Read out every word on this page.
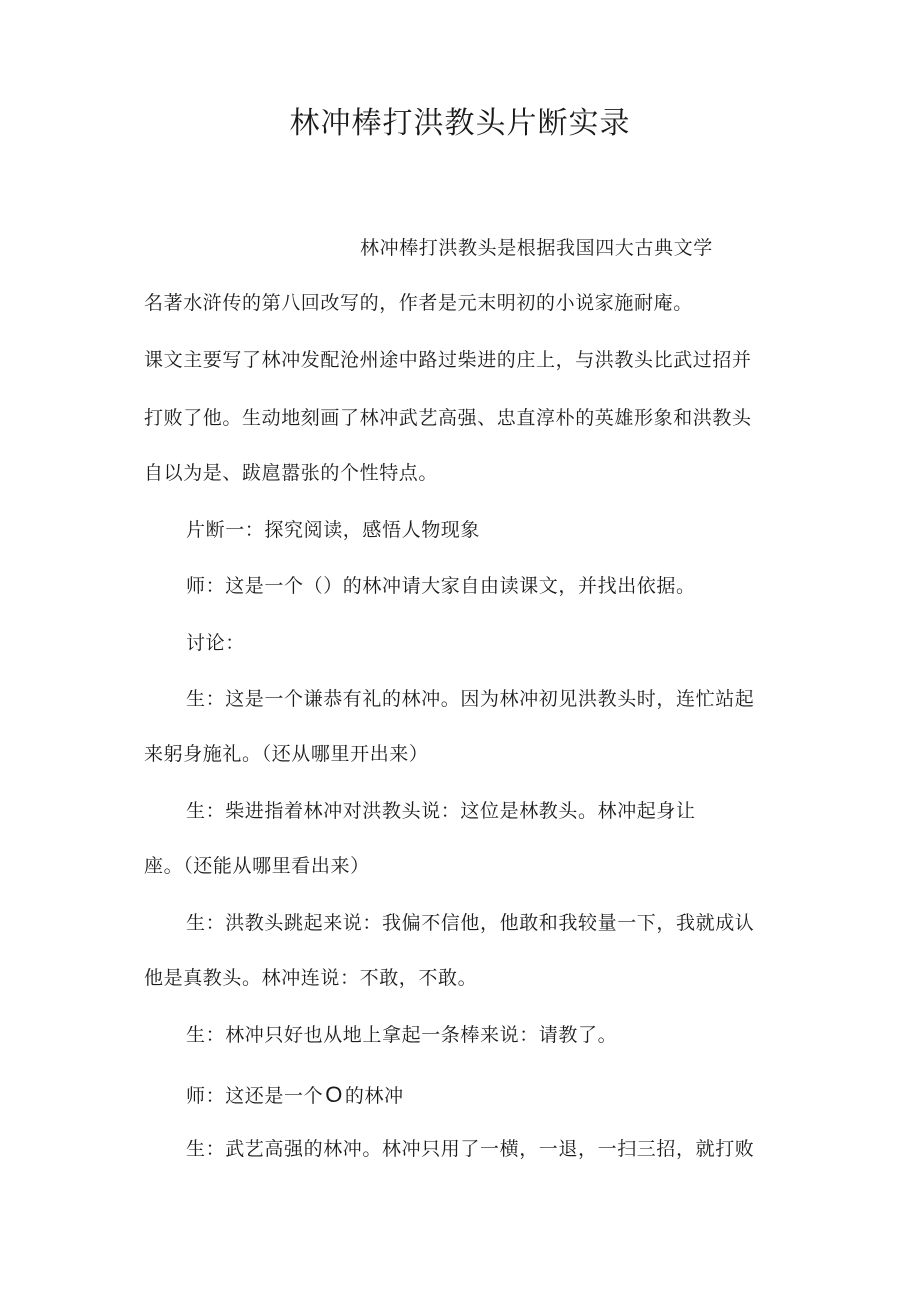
林冲棒打洪教头片断实录
林冲棒打洪教头是根据我国四大古典文学
名著水浒传的第八回改写的，作者是元末明初的小说家施耐庵。
课文主要写了林冲发配沧州途中路过柴进的庄上，与洪教头比武过招并
打败了他。生动地刻画了林冲武艺高强、忠直淳朴的英雄形象和洪教头
自以为是、跋扈嚣张的个性特点。
片断一：探究阅读，感悟人物现象
师：这是一个（）的林冲请大家自由读课文，并找出依据。
讨论：
生：这是一个谦恭有礼的林冲。因为林冲初见洪教头时，连忙站起
来躬身施礼。（还从哪里开出来）
生：柴进指着林冲对洪教头说：这位是林教头。林冲起身让
座。（还能从哪里看出来）
生：洪教头跳起来说：我偏不信他，他敢和我较量一下，我就成认
他是真教头。林冲连说：不敢，不敢。
生：林冲只好也从地上拿起一条棒来说：请教了。
师：这还是一个O 的林冲
生：武艺高强的林冲。林冲只用了一横，一退，一扫三招，就打败
